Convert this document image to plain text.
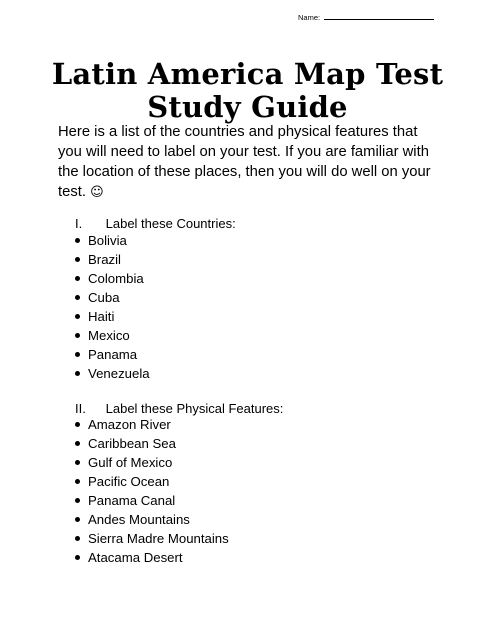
Name:
Latin America Map Test
Study Guide
Here is a list of the countries and physical features that you will need to label on your test. If you are familiar with the location of these places, then you will do well on your test. ☺
I. Label these Countries:
Bolivia
Brazil
Colombia
Cuba
Haiti
Mexico
Panama
Venezuela
II. Label these Physical Features:
Amazon River
Caribbean Sea
Gulf of Mexico
Pacific Ocean
Panama Canal
Andes Mountains
Sierra Madre Mountains
Atacama Desert
